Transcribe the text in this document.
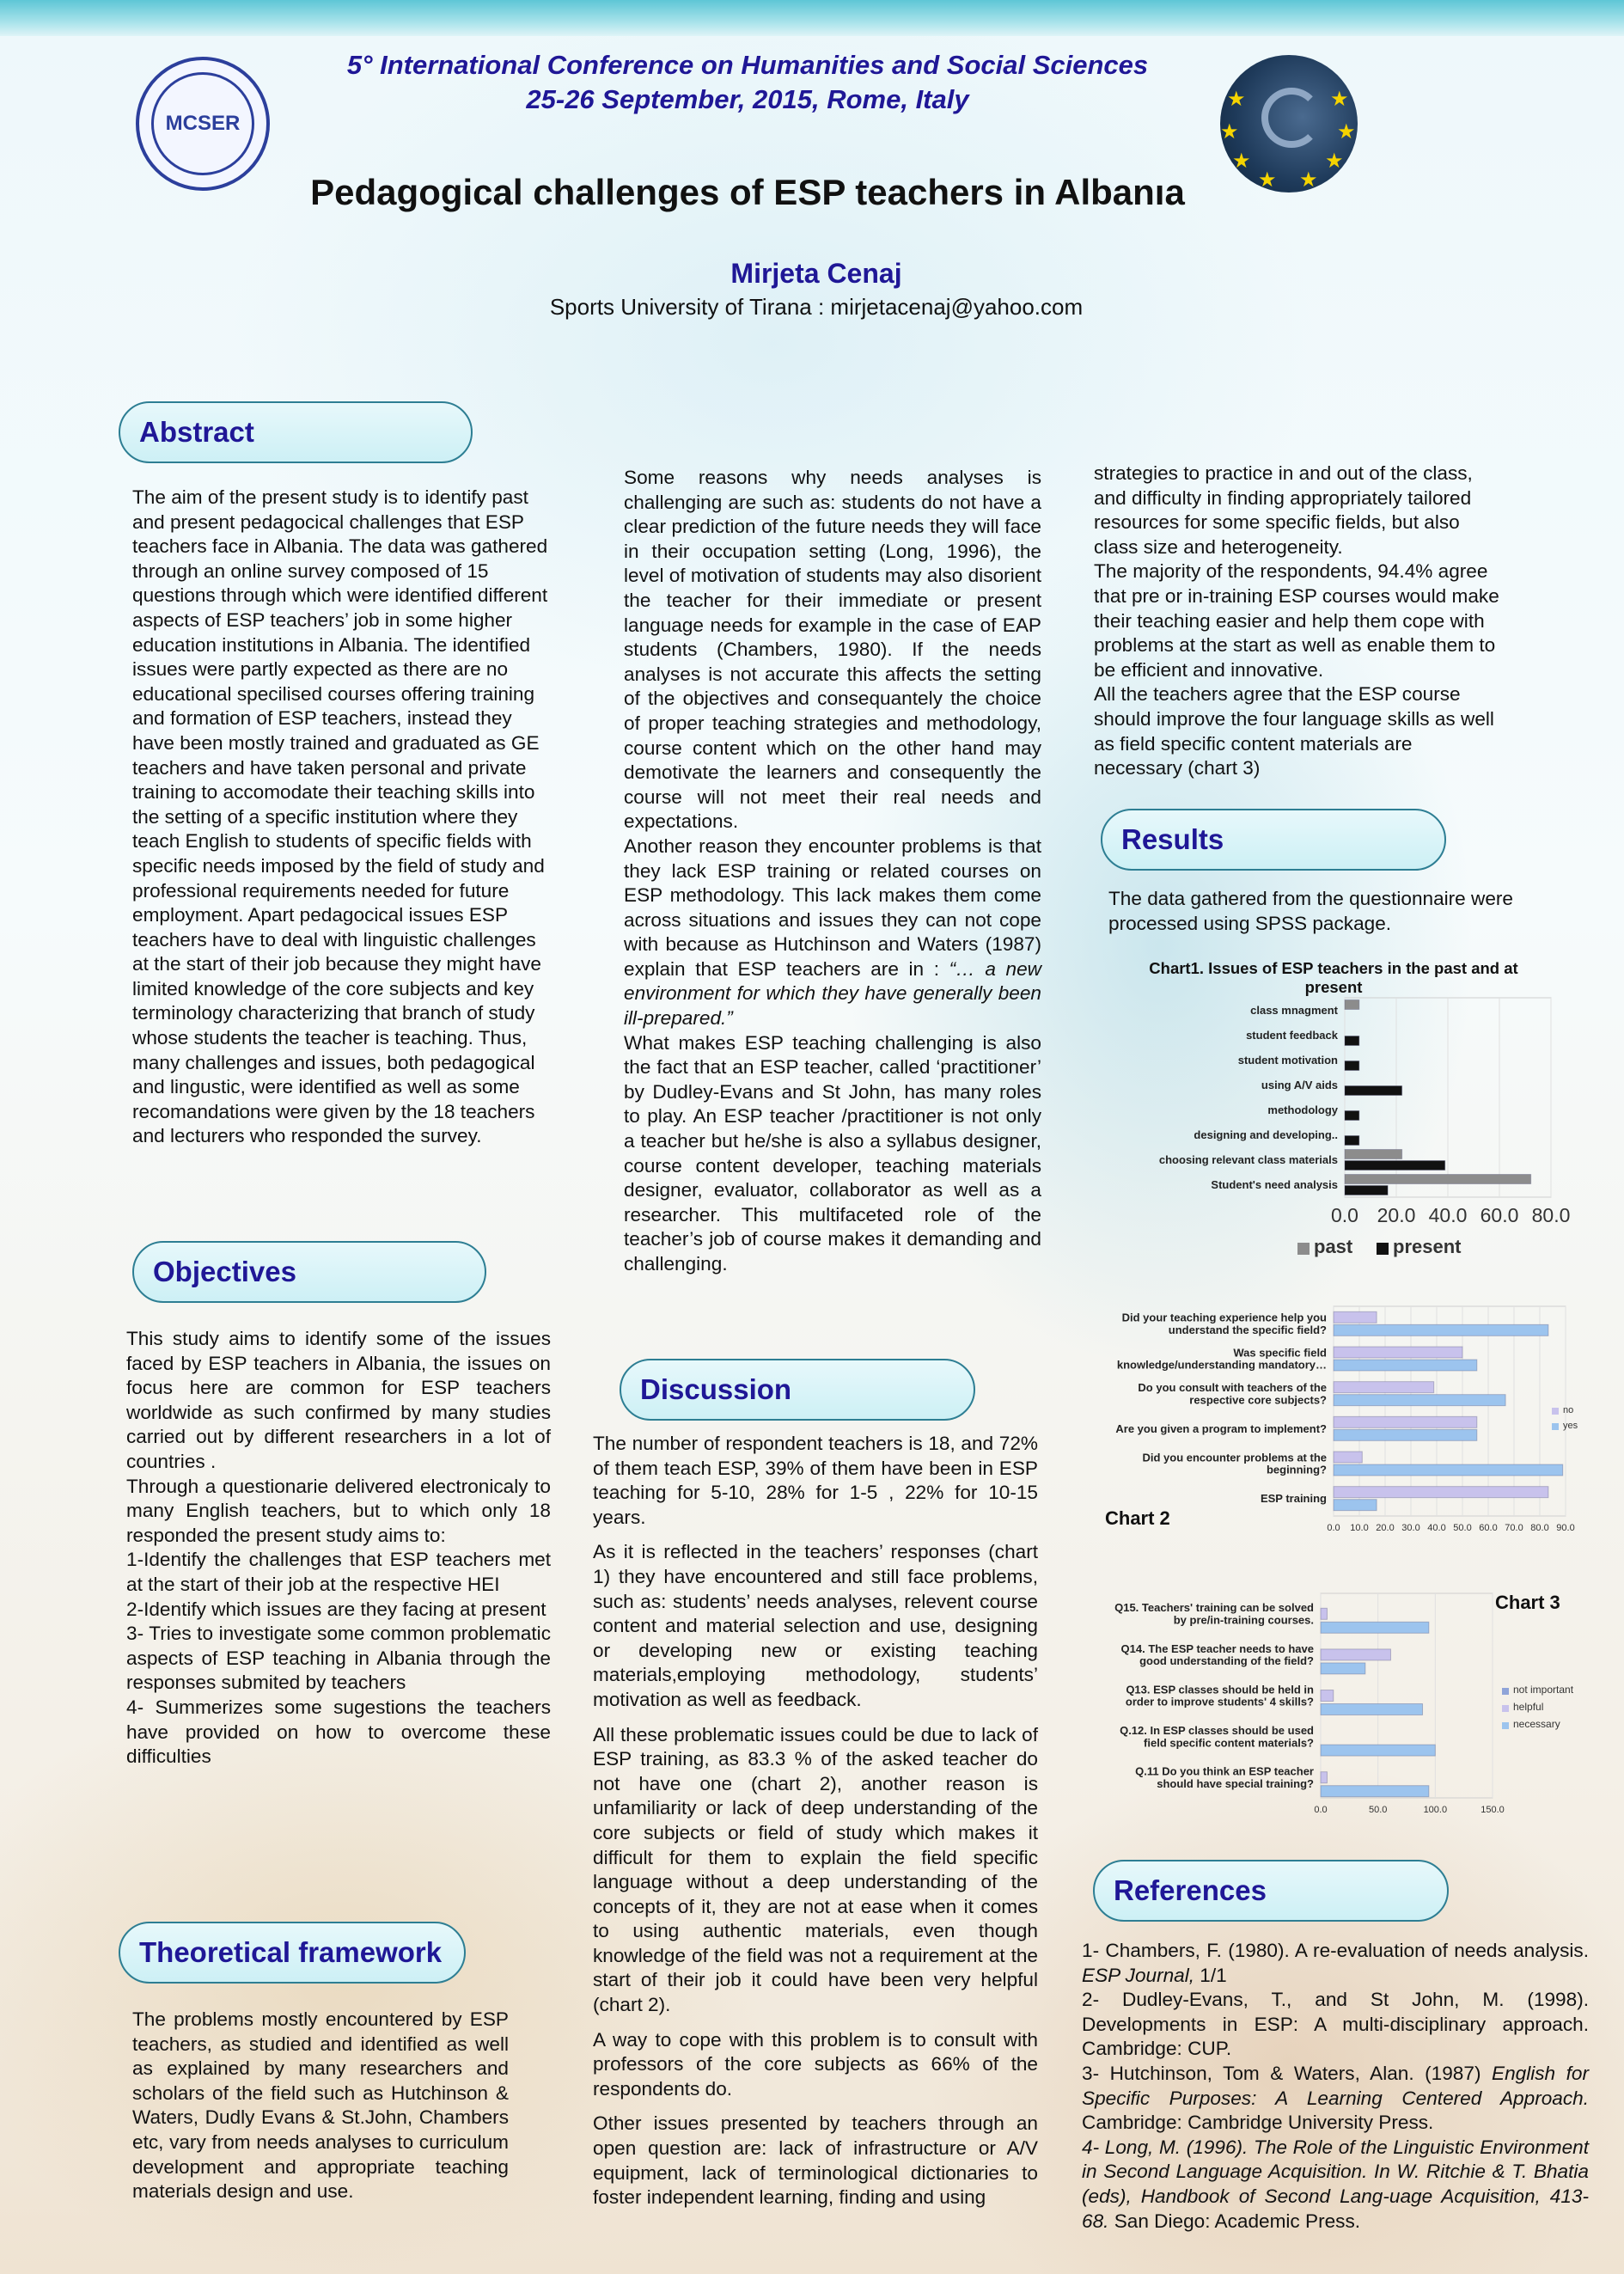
MCSER
★	★
★	★
★	★
★ ★
5° International Conference on Humanities and Social Sciences
25-26 September, 2015, Rome, Italy
Pedagogical challenges of ESP teachers in Albanıa
Mirjeta Cenaj
Sports University of Tirana : mirjetacenaj@yahoo.com
Abstract
The aim of the present study is to identify past
and present pedagocical challenges that ESP
teachers face in Albania. The data was gathered
through an online survey composed of 15
questions through which were identified different
aspects of ESP teachers’ job in some higher
education institutions in Albania. The identified
issues were partly expected as there are no
educational specilised courses offering training
and formation of ESP teachers, instead they
have been mostly trained and graduated as GE
teachers and have taken personal and private
training to accomodate their teaching skills into
the setting of a specific institution where they
teach English to students of specific fields with
specific needs imposed by the field of study and
professional requirements needed for future
employment. Apart pedagocical issues ESP
teachers have to deal with linguistic challenges
at the start of their job because they might have
limited knowledge of the core subjects and key
terminology characterizing that branch of study
whose students the teacher is teaching. Thus,
many challenges and issues, both pedagogical
and lingustic, were identified as well as some
recomandations were given by the 18 teachers
and lecturers who responded the survey.
Objectives

This study aims to identify some of the issues faced by ESP teachers in Albania, the issues on focus here are common for ESP teachers worldwide as such confirmed by many studies carried out by different researchers in a lot of countries .

Through a questionarie delivered electronicaly to many English teachers, but to which only 18 responded the present study aims to:

1-Identify the challenges that ESP teachers met at the start of their job at the respective HEI

2-Identify which issues are they facing at present

3- Tries to investigate some common problematic aspects of ESP teaching in Albania through the responses submited by teachers

4- Summerizes some sugestions the teachers have provided on how to overcome these difficulties

Theoretical framework
The problems mostly encountered by ESP teachers, as studied and identified as well as explained by many researchers and scholars of the field such as Hutchinson & Waters, Dudly Evans & St.John, Chambers etc, vary from needs analyses to curriculum development and appropriate teaching materials design and use.

Some reasons why needs analyses is challenging are such as: students do not have a clear prediction of the future needs they will face in their occupation setting (Long, 1996), the level of motivation of students may also disorient the teacher for their immediate or present language needs for example in the case of EAP students (Chambers, 1980). If the needs analyses is not accurate this affects the setting of the objectives and consequantely the choice of proper teaching strategies and methodology, course content which on the other hand may demotivate the learners and consequently the course will not meet their real needs and expectations.

Another reason they encounter problems is that they lack ESP training or related courses on ESP methodology. This lack makes them come across situations and issues they can not cope with because as Hutchinson and Waters (1987) explain that ESP teachers are in : “… a new environment for which they have generally been ill-prepared.”

What makes ESP teaching challenging is also the fact that an ESP teacher, called ‘practitioner’ by Dudley-Evans and St John, has many roles to play. An ESP teacher /practitioner is not only a teacher but he/she is also a syllabus designer, course content developer, teaching materials designer, evaluator, collaborator as well as a researcher. This multifaceted role of the teacher’s job of course makes it demanding and challenging.

Discussion

The number of respondent teachers is 18, and 72% of them teach ESP, 39% of them have been in ESP teaching for 5-10, 28% for 1-5 , 22% for 10-15 years.

As it is reflected in the teachers’ responses (chart 1) they have encountered and still face problems, such as: students’ needs analyses, relevent course content and material selection and use, designing or developing new or existing teaching materials,employing methodology, students’ motivation as well as feedback.

All these problematic issues could be due to lack of ESP training, as 83.3 % of the asked teacher do not have one (chart 2), another reason is unfamiliarity or lack of deep understanding of the core subjects or field of study which makes it difficult for them to explain the field specific language without a deep understanding of the concepts of it, they are not at ease when it comes to using authentic materials, even though knowledge of the field was not a requirement at the start of their job it could have been very helpful (chart 2).

A way to cope with this problem is to consult with professors of the core subjects as 66% of the respondents do.

Other issues presented by teachers through an open question are: lack of infrastructure or A/V equipment, lack of terminological dictionaries to foster independent learning, finding and using

strategies to practice in and out of the class,
and difficulty in finding appropriately tailored
resources for some specific fields, but also
class size and heterogeneity.
The majority of the respondents, 94.4% agree
that pre or in-training ESP courses would make
their teaching easier and help them cope with
problems at the start as well as enable them to
be efficient and innovative.
All the teachers agree that the ESP course
should improve the four language skills as well
as field specific content materials are
necessary (chart 3)
Results
The data gathered from the questionnaire were
processed using SPSS package.
Chart1. Issues of ESP teachers in the past and at present
0.0 20.0 40.0 60.0 80.0
class mnagment
student feedback
student motivation
using A/V aids
methodology
designing and developing..
choosing relevant class materials
Student's need analysis
past present
0.0 10.0 20.0 30.0 40.0 50.0 60.0 70.0 80.0 90.0
Did your teaching experience help you
understand the specific field?
Was specific field
knowledge/understanding mandatory…
Do you consult with teachers of the
respective core subjects?
Are you given a program to implement?
Did you encounter problems at the
beginning?
ESP training
no
yes
Chart 2
0.0	50.0	100.0	150.0
Q15. Teachers' training can be solved
by pre/in-training courses.
Q14. The ESP teacher needs to have
good understanding of the field?
Q13. ESP classes should be held in
order to improve students' 4 skills?
Q.12. In ESP classes should be used
field specific content materials?
Q.11 Do you think an ESP teacher
should have special training?
not important
helpful
necessary
Chart 3
References

1- Chambers, F. (1980). A re-evaluation of needs analysis. ESP Journal, 1/1

2- Dudley-Evans, T., and St John, M. (1998). Developments in ESP: A multi-disciplinary approach. Cambridge: CUP.

3- Hutchinson, Tom & Waters, Alan. (1987) English for Specific Purposes: A Learning Centered Approach. Cambridge: Cambridge University Press.

4- Long, M. (1996). The Role of the Linguistic Environment in Second Language Acquisition. In W. Ritchie & T. Bhatia (eds), Handbook of Second Lang-uage Acquisition, 413-68. San Diego: Academic Press.
